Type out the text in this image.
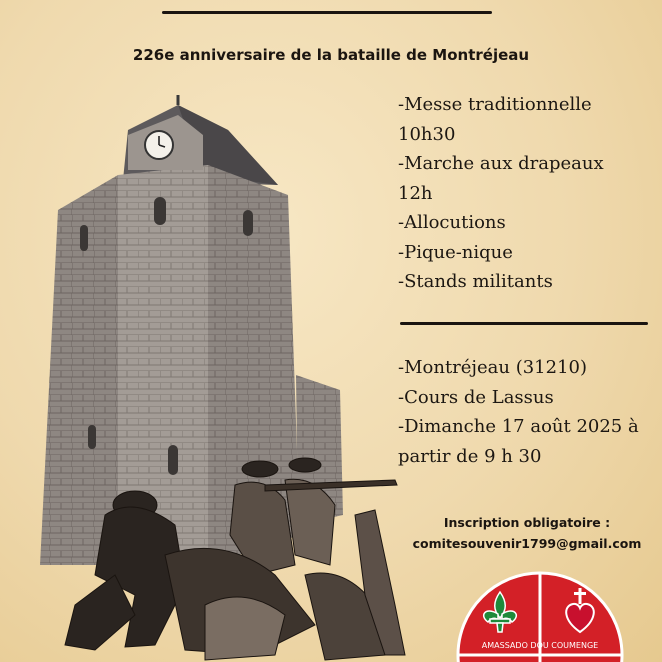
226e anniversaire de la bataille de Montréjeau
-Messe traditionnelle
10h30
-Marche aux drapeaux
12h
-Allocutions
-Pique-nique
-Stands militants
-Montréjeau (31210)
-Cours de Lassus
-Dimanche 17 août 2025 à
partir de 9 h 30
Inscription obligatoire :
comitesouvenir1799@gmail.com
AMASSADO DOU COUMENGE
